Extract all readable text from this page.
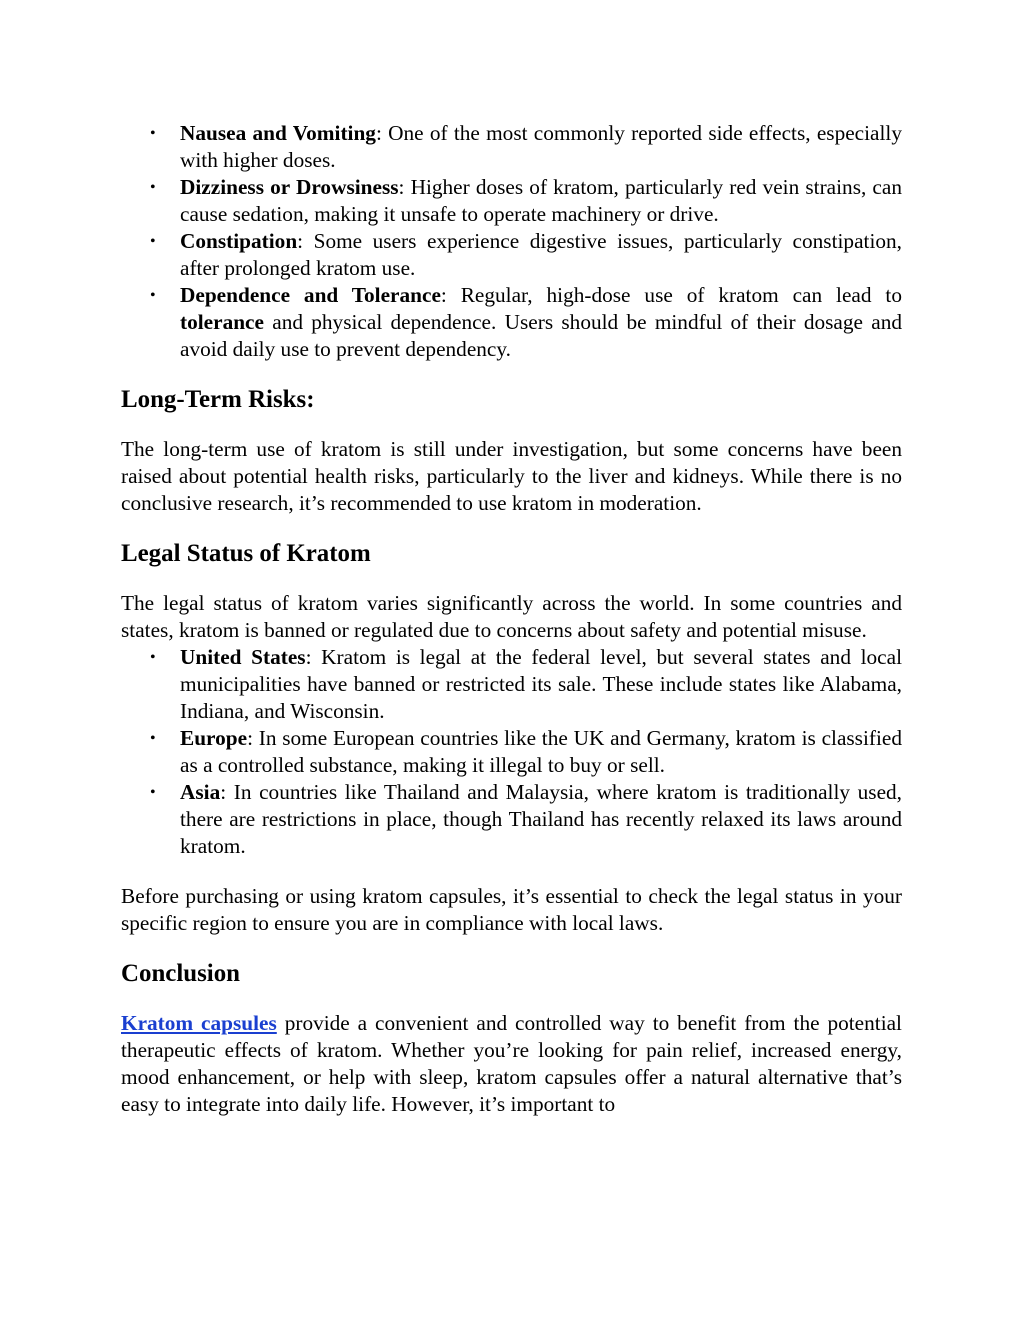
• Nausea and Vomiting: One of the most commonly reported side effects, especially with higher doses.
• Dizziness or Drowsiness: Higher doses of kratom, particularly red vein strains, can cause sedation, making it unsafe to operate machinery or drive.
• Constipation: Some users experience digestive issues, particularly constipation, after prolonged kratom use.
• Dependence and Tolerance: Regular, high-dose use of kratom can lead to tolerance and physical dependence. Users should be mindful of their dosage and avoid daily use to prevent dependency.
Long-Term Risks:

The long-term use of kratom is still under investigation, but some concerns have been raised about potential health risks, particularly to the liver and kidneys. While there is no conclusive research, it’s recommended to use kratom in moderation.

Legal Status of Kratom

The legal status of kratom varies significantly across the world. In some countries and states, kratom is banned or regulated due to concerns about safety and potential misuse.

• United States: Kratom is legal at the federal level, but several states and local municipalities have banned or restricted its sale. These include states like Alabama, Indiana, and Wisconsin.
• Europe: In some European countries like the UK and Germany, kratom is classified as a controlled substance, making it illegal to buy or sell.
• Asia: In countries like Thailand and Malaysia, where kratom is traditionally used, there are restrictions in place, though Thailand has recently relaxed its laws around kratom.

Before purchasing or using kratom capsules, it’s essential to check the legal status in your specific region to ensure you are in compliance with local laws.

Conclusion

Kratom capsules provide a convenient and controlled way to benefit from the potential therapeutic effects of kratom. Whether you’re looking for pain relief, increased energy, mood enhancement, or help with sleep, kratom capsules offer a natural alternative that’s easy to integrate into daily life. However, it’s important to
